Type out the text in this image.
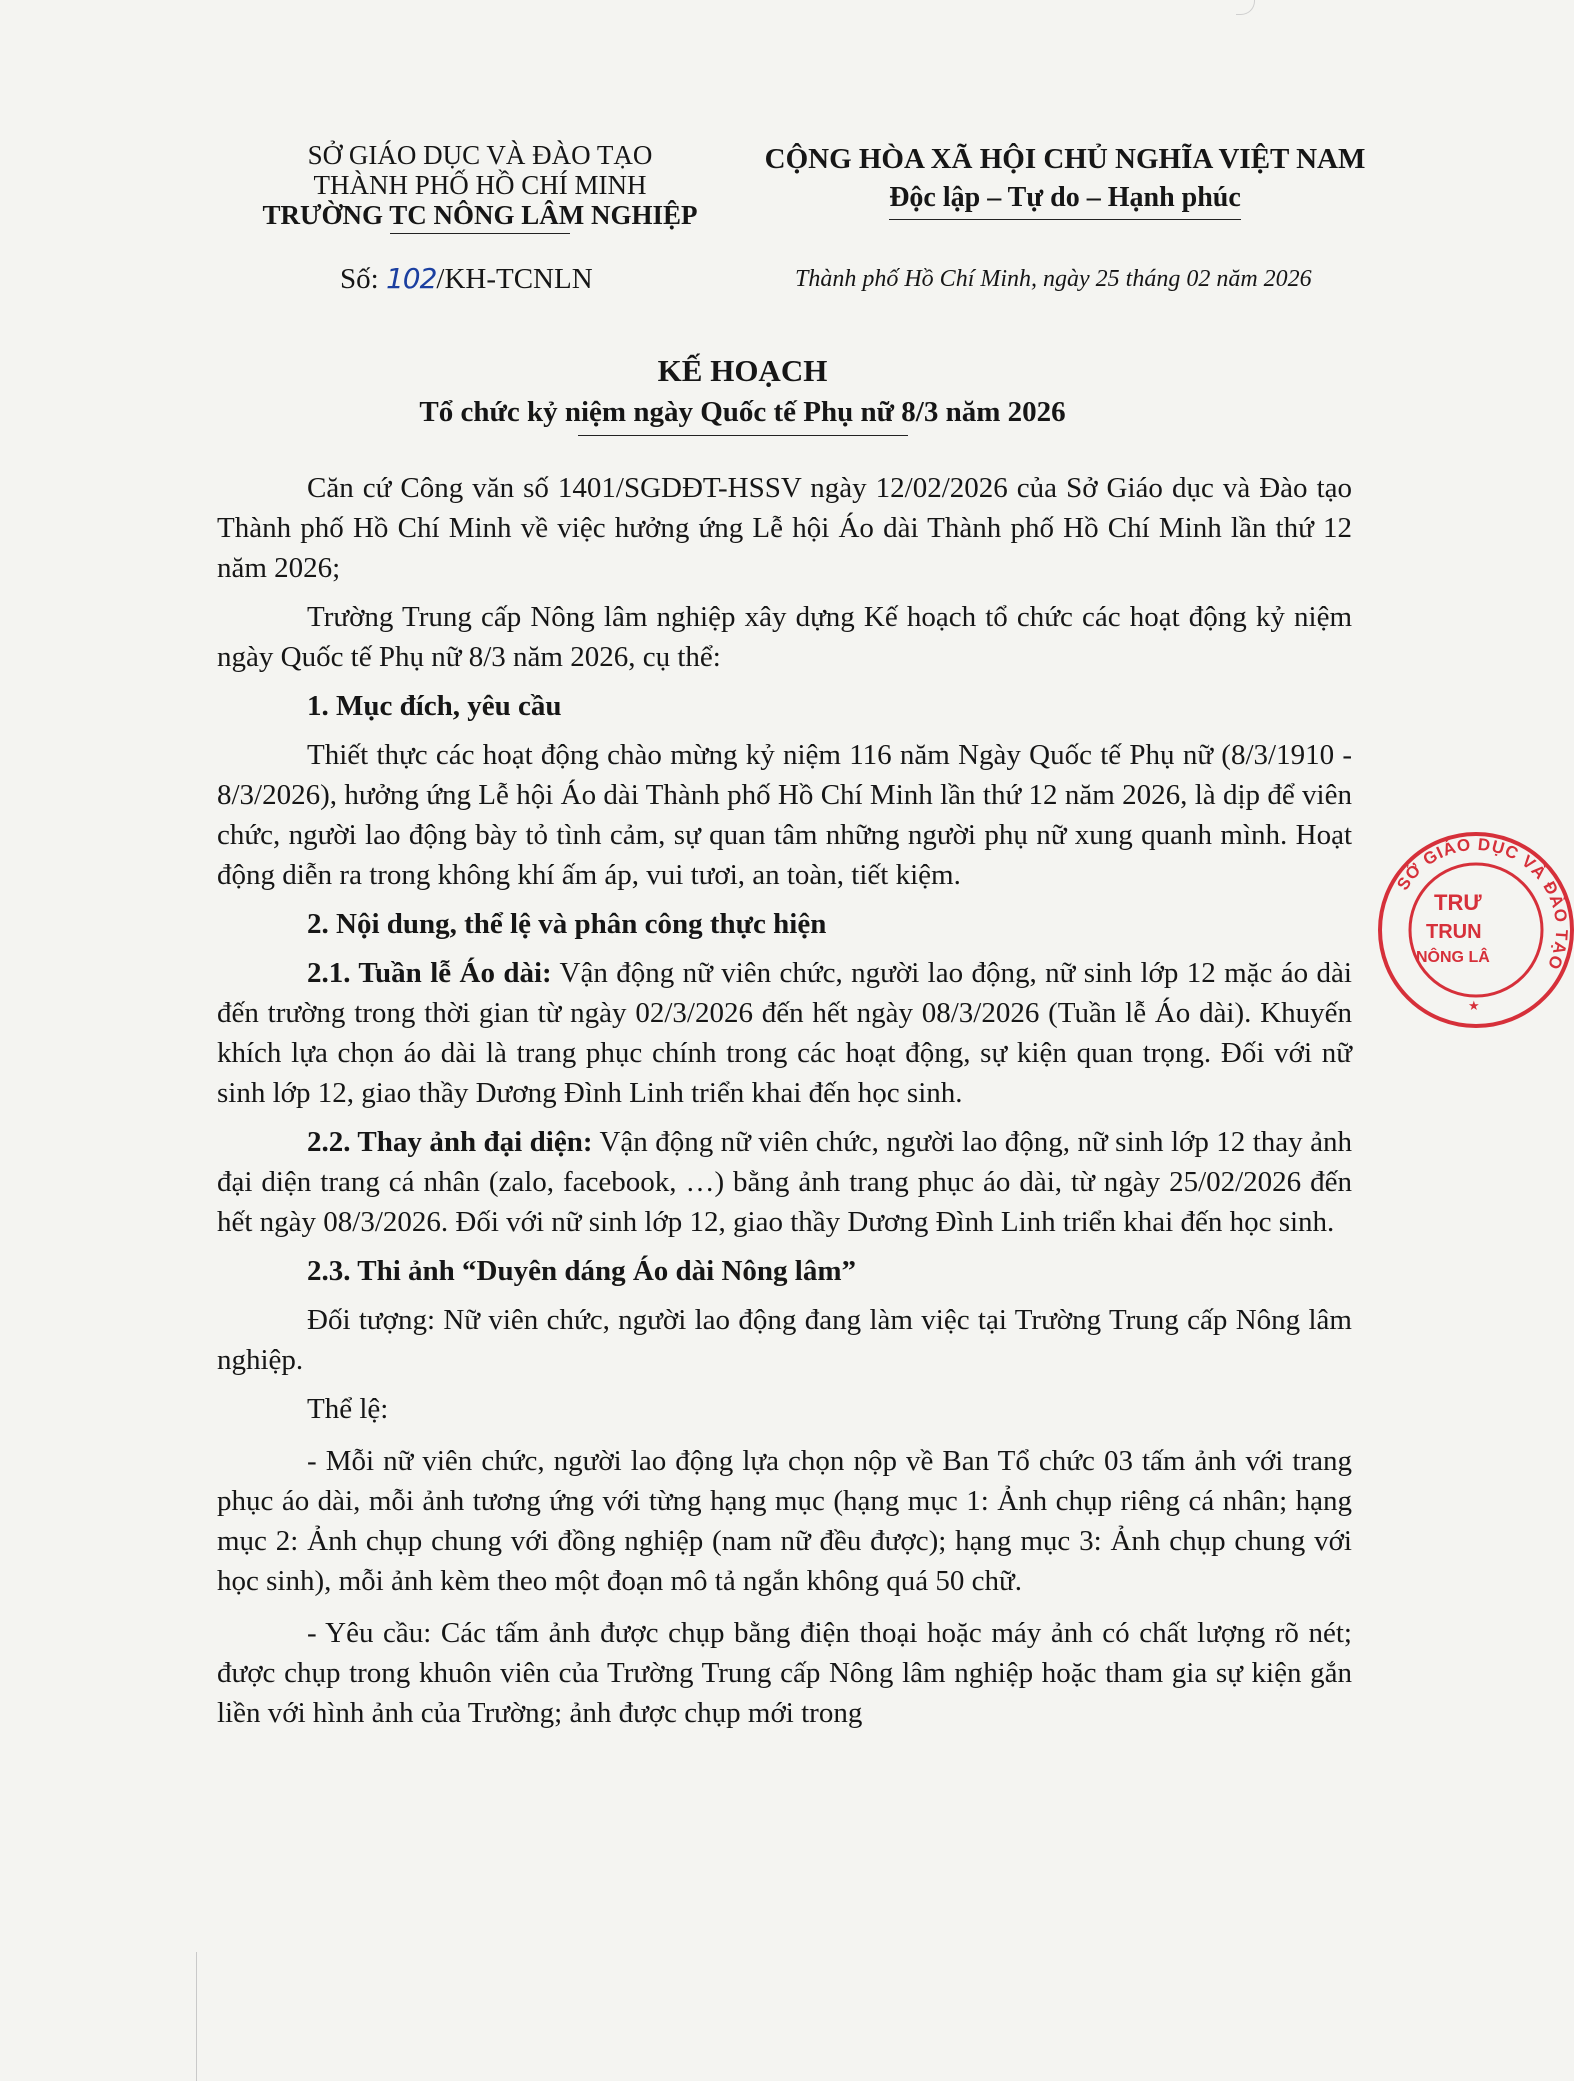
SỞ GIÁO DỤC VÀ ĐÀO TẠO
THÀNH PHỐ HỒ CHÍ MINH
TRƯỜNG TC NÔNG LÂM NGHIỆP
CỘNG HÒA XÃ HỘI CHỦ NGHĨA VIỆT NAM
Độc lập – Tự do – Hạnh phúc
Số: 102/KH-TCNLN	Thành phố Hồ Chí Minh, ngày 25 tháng 02 năm 2026
KẾ HOẠCH
Tổ chức kỷ niệm ngày Quốc tế Phụ nữ 8/3 năm 2026

Căn cứ Công văn số 1401/SGDĐT-HSSV ngày 12/02/2026 của Sở Giáo dục và Đào tạo Thành phố Hồ Chí Minh về việc hưởng ứng Lễ hội Áo dài Thành phố Hồ Chí Minh lần thứ 12 năm 2026;

Trường Trung cấp Nông lâm nghiệp xây dựng Kế hoạch tổ chức các hoạt động kỷ niệm ngày Quốc tế Phụ nữ 8/3 năm 2026, cụ thể:

1. Mục đích, yêu cầu

Thiết thực các hoạt động chào mừng kỷ niệm 116 năm Ngày Quốc tế Phụ nữ (8/3/1910 - 8/3/2026), hưởng ứng Lễ hội Áo dài Thành phố Hồ Chí Minh lần thứ 12 năm 2026, là dịp để viên chức, người lao động bày tỏ tình cảm, sự quan tâm những người phụ nữ xung quanh mình. Hoạt động diễn ra trong không khí ấm áp, vui tươi, an toàn, tiết kiệm.

2. Nội dung, thể lệ và phân công thực hiện

2.1. Tuần lễ Áo dài: Vận động nữ viên chức, người lao động, nữ sinh lớp 12 mặc áo dài đến trường trong thời gian từ ngày 02/3/2026 đến hết ngày 08/3/2026 (Tuần lễ Áo dài). Khuyến khích lựa chọn áo dài là trang phục chính trong các hoạt động, sự kiện quan trọng. Đối với nữ sinh lớp 12, giao thầy Dương Đình Linh triển khai đến học sinh.

2.2. Thay ảnh đại diện: Vận động nữ viên chức, người lao động, nữ sinh lớp 12 thay ảnh đại diện trang cá nhân (zalo, facebook, …) bằng ảnh trang phục áo dài, từ ngày 25/02/2026 đến hết ngày 08/3/2026. Đối với nữ sinh lớp 12, giao thầy Dương Đình Linh triển khai đến học sinh.

2.3. Thi ảnh “Duyên dáng Áo dài Nông lâm”

Đối tượng: Nữ viên chức, người lao động đang làm việc tại Trường Trung cấp Nông lâm nghiệp.

Thể lệ:

- Mỗi nữ viên chức, người lao động lựa chọn nộp về Ban Tổ chức 03 tấm ảnh với trang phục áo dài, mỗi ảnh tương ứng với từng hạng mục (hạng mục 1: Ảnh chụp riêng cá nhân; hạng mục 2: Ảnh chụp chung với đồng nghiệp (nam nữ đều được); hạng mục 3: Ảnh chụp chung với học sinh), mỗi ảnh kèm theo một đoạn mô tả ngắn không quá 50 chữ.

- Yêu cầu: Các tấm ảnh được chụp bằng điện thoại hoặc máy ảnh có chất lượng rõ nét; được chụp trong khuôn viên của Trường Trung cấp Nông lâm nghiệp hoặc tham gia sự kiện gắn liền với hình ảnh của Trường; ảnh được chụp mới trong

SỞ GIÁO DỤC VÀ ĐÀO TẠO
TRƯ
TRUN
NÔNG LÂ
★
